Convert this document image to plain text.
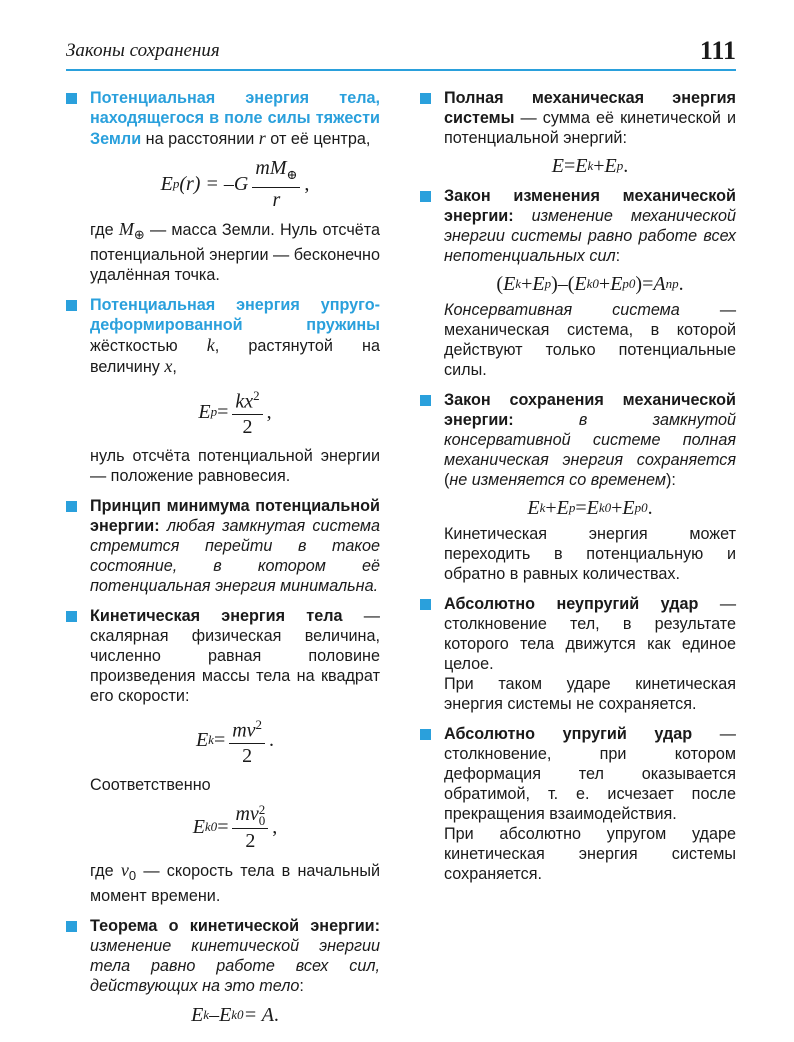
Законы сохранения	111

Потенциальная энергия тела, находящегося в поле силы тяжести Земли на расстоянии r от её центра,

E p $(r) = -G \frac{mM_\oplus}{r}$ ,

где $M_\oplus$ — масса Земли. Нуль отсчёта потенциальной энергии — бесконечно удалённая точка.

Потенциальная энергия упруго-деформированной пружины жёсткостью k, растянутой на величину x,

E $p = \frac{kx^2}{2}$ ,

нуль отсчёта потенциальной энергии — положение равновесия.

Принцип минимума потенциальной энергии: любая замкнутая система стремится перейти в такое состояние, в котором её потенциальная энергия минимальна.

Кинетическая энергия тела — скалярная физическая величина, численно равная половине произведения массы тела на квадрат его скорости:

E $k = \frac{mv^2}{2}$ .

Соответственно

E k0 = mv 2
0
2 ,

где $v_0$ — скорость тела в начальный момент времени.

Теорема о кинетической энергии: изменение кинетической энергии тела равно работе всех сил, действующих на это тело:

E k – E k0 = A .

Полная механическая энергия системы — сумма её кинетической и потенциальной энергий:

E = E k + E p .

Закон изменения механической энергии: изменение механической энергии системы равно работе всех непотенциальных сил:

( E k + E p ) – ( E k0 + E p0 ) = A np .

Консервативная система — механическая система, в которой действуют только потенциальные силы.

Закон сохранения механической энергии: в замкнутой консервативной системе полная механическая энергия сохраняется (не изменяется со временем):

E k + E p = E k0 + E p0 .

Кинетическая энергия может переходить в потенциальную и обратно в равных количествах.

Абсолютно неупругий удар — столкновение тел, в результате которого тела движутся как единое целое.

При таком ударе кинетическая энергия системы не сохраняется.

Абсолютно упругий удар — столкновение, при котором деформация тел оказывается обратимой, т. е. исчезает после прекращения взаимодействия.

При абсолютно упругом ударе кинетическая энергия системы сохраняется.
